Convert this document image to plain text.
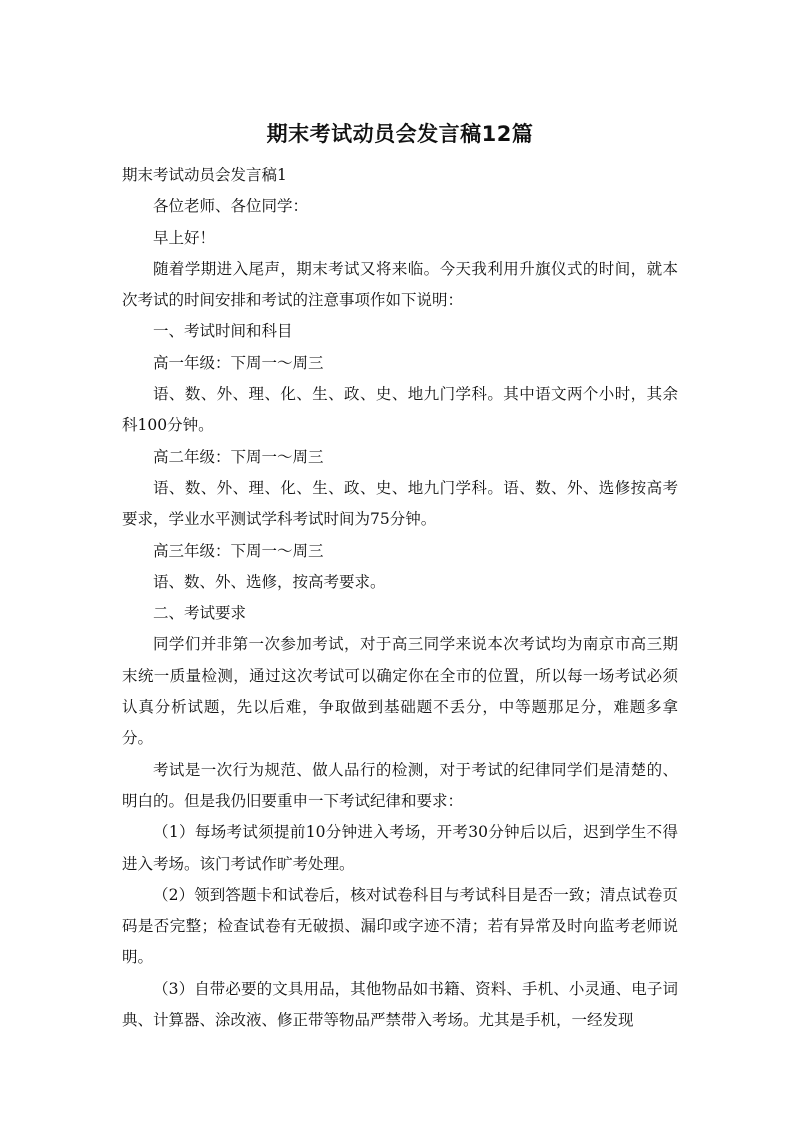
期末考试动员会发言稿12篇

期末考试动员会发言稿1

各位老师、各位同学：

早上好！

随着学期进入尾声，期末考试又将来临。今天我利用升旗仪式的时间，就本次考试的时间安排和考试的注意事项作如下说明：

一、考试时间和科目

高一年级：下周一～周三

语、数、外、理、化、生、政、史、地九门学科。其中语文两个小时，其余科100分钟。

高二年级：下周一～周三

语、数、外、理、化、生、政、史、地九门学科。语、数、外、选修按高考要求，学业水平测试学科考试时间为75分钟。

高三年级：下周一～周三

语、数、外、选修，按高考要求。

二、考试要求

同学们并非第一次参加考试，对于高三同学来说本次考试均为南京市高三期末统一质量检测，通过这次考试可以确定你在全市的位置，所以每一场考试必须认真分析试题，先以后难，争取做到基础题不丢分，中等题那足分，难题多拿分。

考试是一次行为规范、做人品行的检测，对于考试的纪律同学们是清楚的、明白的。但是我仍旧要重申一下考试纪律和要求：

（1）每场考试须提前10分钟进入考场，开考30分钟后以后，迟到学生不得进入考场。该门考试作旷考处理。

（2）领到答题卡和试卷后，核对试卷科目与考试科目是否一致；清点试卷页码是否完整；检查试卷有无破损、漏印或字迹不清；若有异常及时向监考老师说明。

（3）自带必要的文具用品，其他物品如书籍、资料、手机、小灵通、电子词典、计算器、涂改液、修正带等物品严禁带入考场。尤其是手机，一经发现
